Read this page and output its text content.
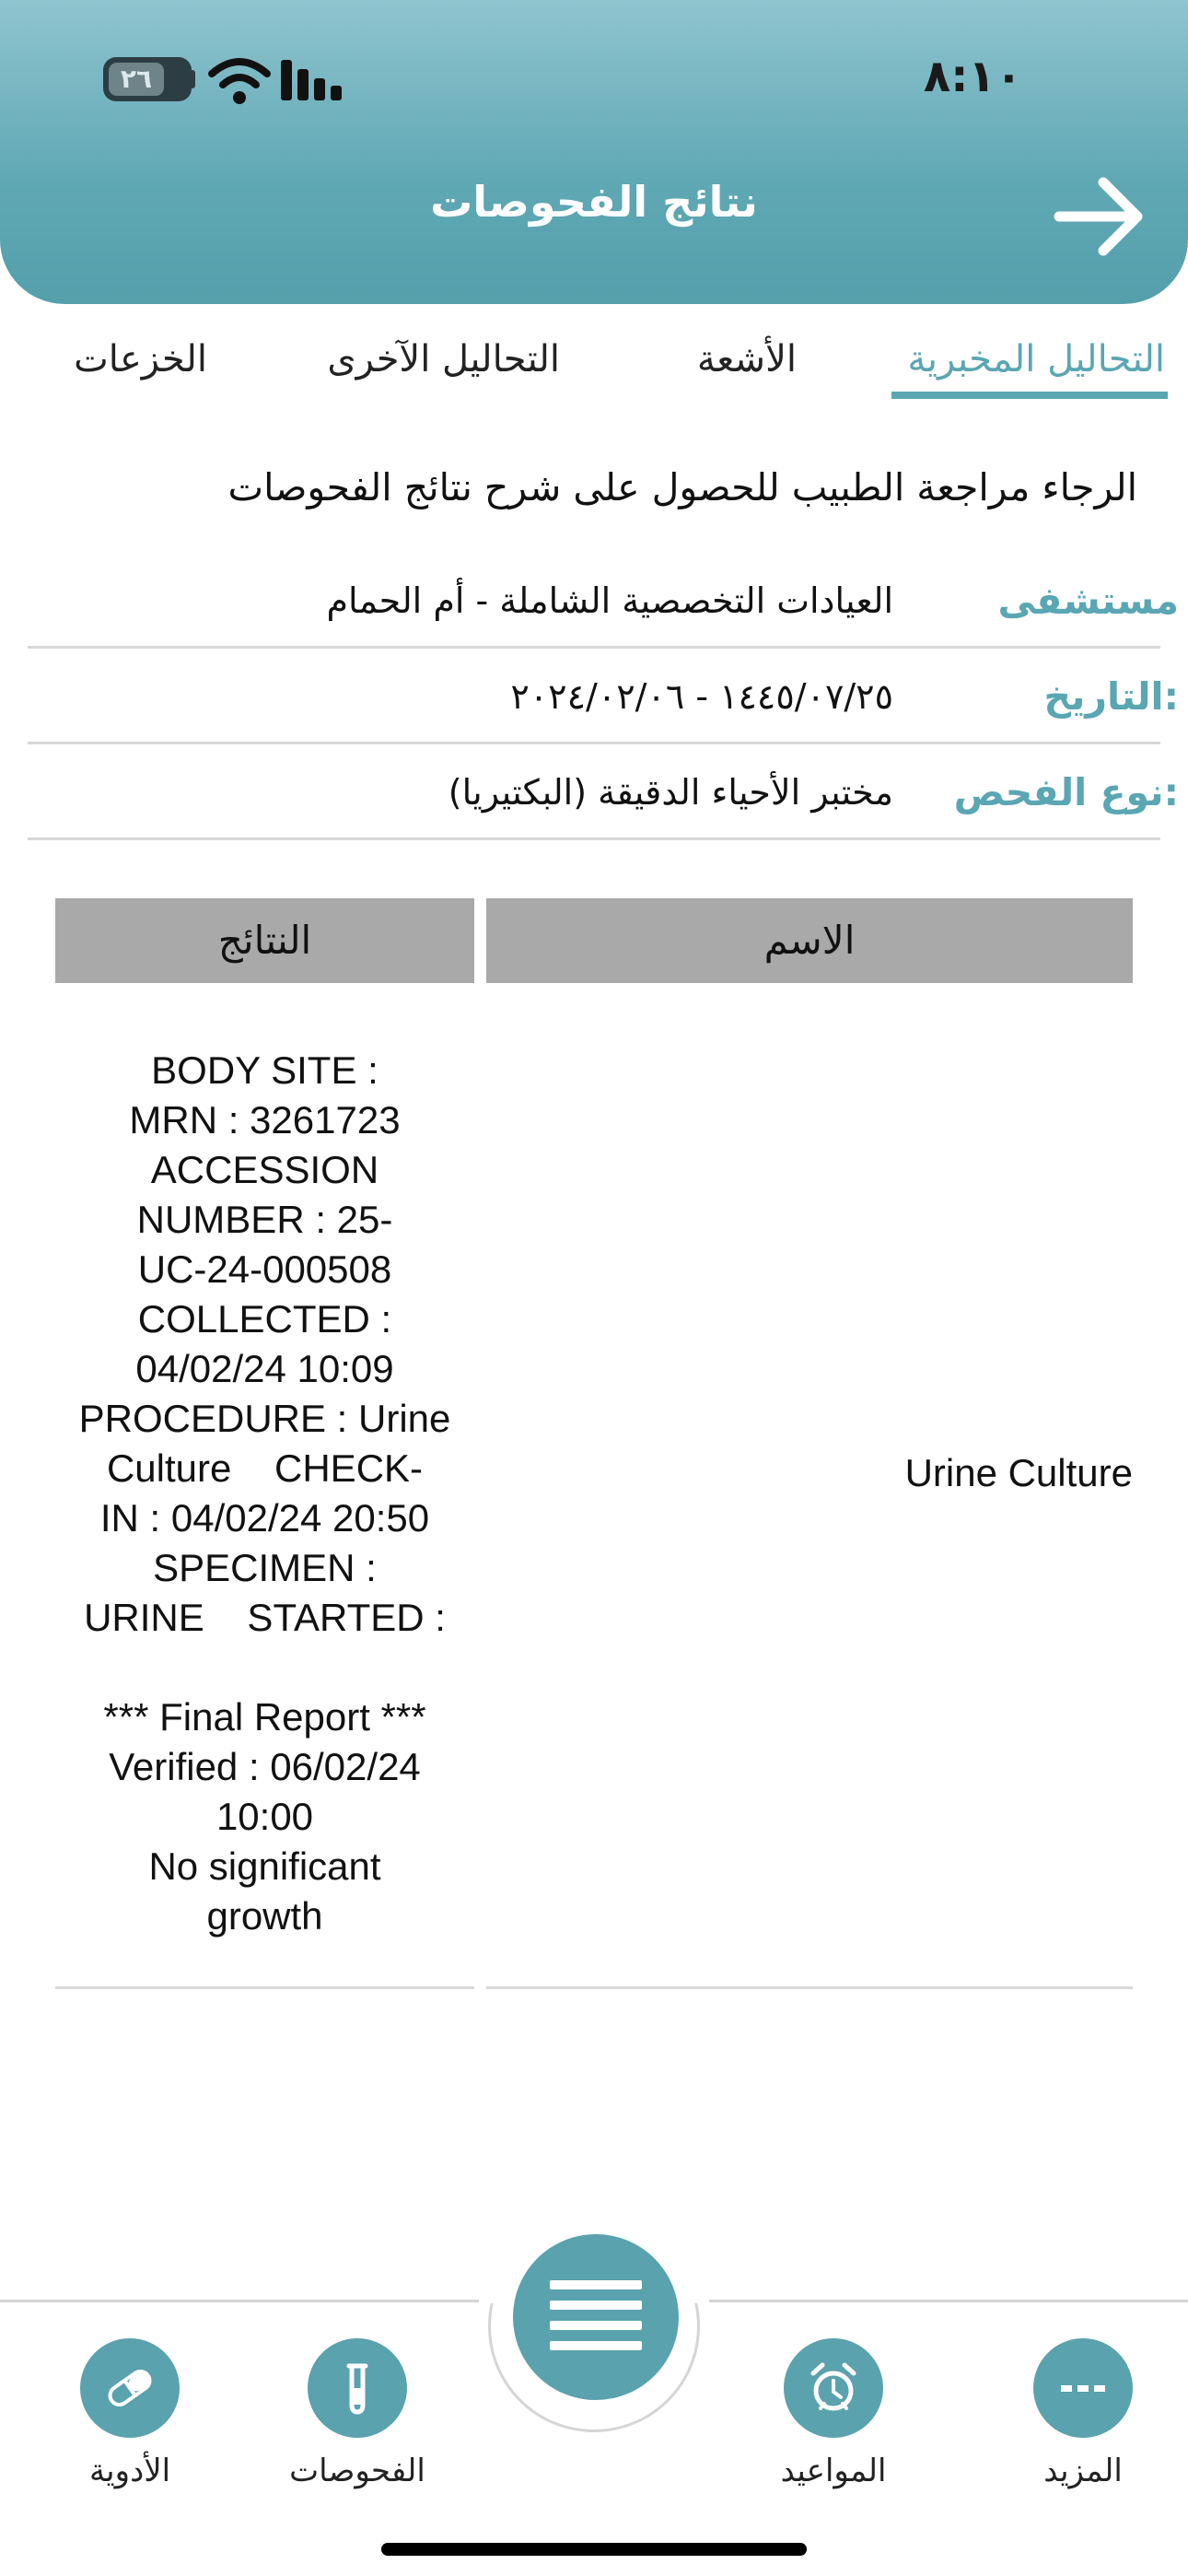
٢٦	٨:١٠
نتائج الفحوصات
التحاليل المخبرية
الأشعة
التحاليل الآخرى
الخزعات
الرجاء مراجعة الطبيب للحصول على شرح نتائج الفحوصات
مستشفى
العيادات التخصصية الشاملة - أم الحمام
التاريخ:
١٤٤٥/٠٧/٢٥ - ٢٠٢٤/٠٢/٠٦
نوع الفحص:
(مختبر الأحياء الدقيقة (البكتيريا
النتائج	الاسم
BODY SITE :
MRN : 3261723
ACCESSION
NUMBER : 25-
UC-24-000508
COLLECTED :
04/02/24 10:09
PROCEDURE : Urine
Culture    CHECK-
IN : 04/02/24 20:50
SPECIMEN :
URINE    STARTED :

*** Final Report ***
Verified : 06/02/24
10:00
No significant
growth
Urine Culture
المزيد
المواعيد
الفحوصات
الأدوية
